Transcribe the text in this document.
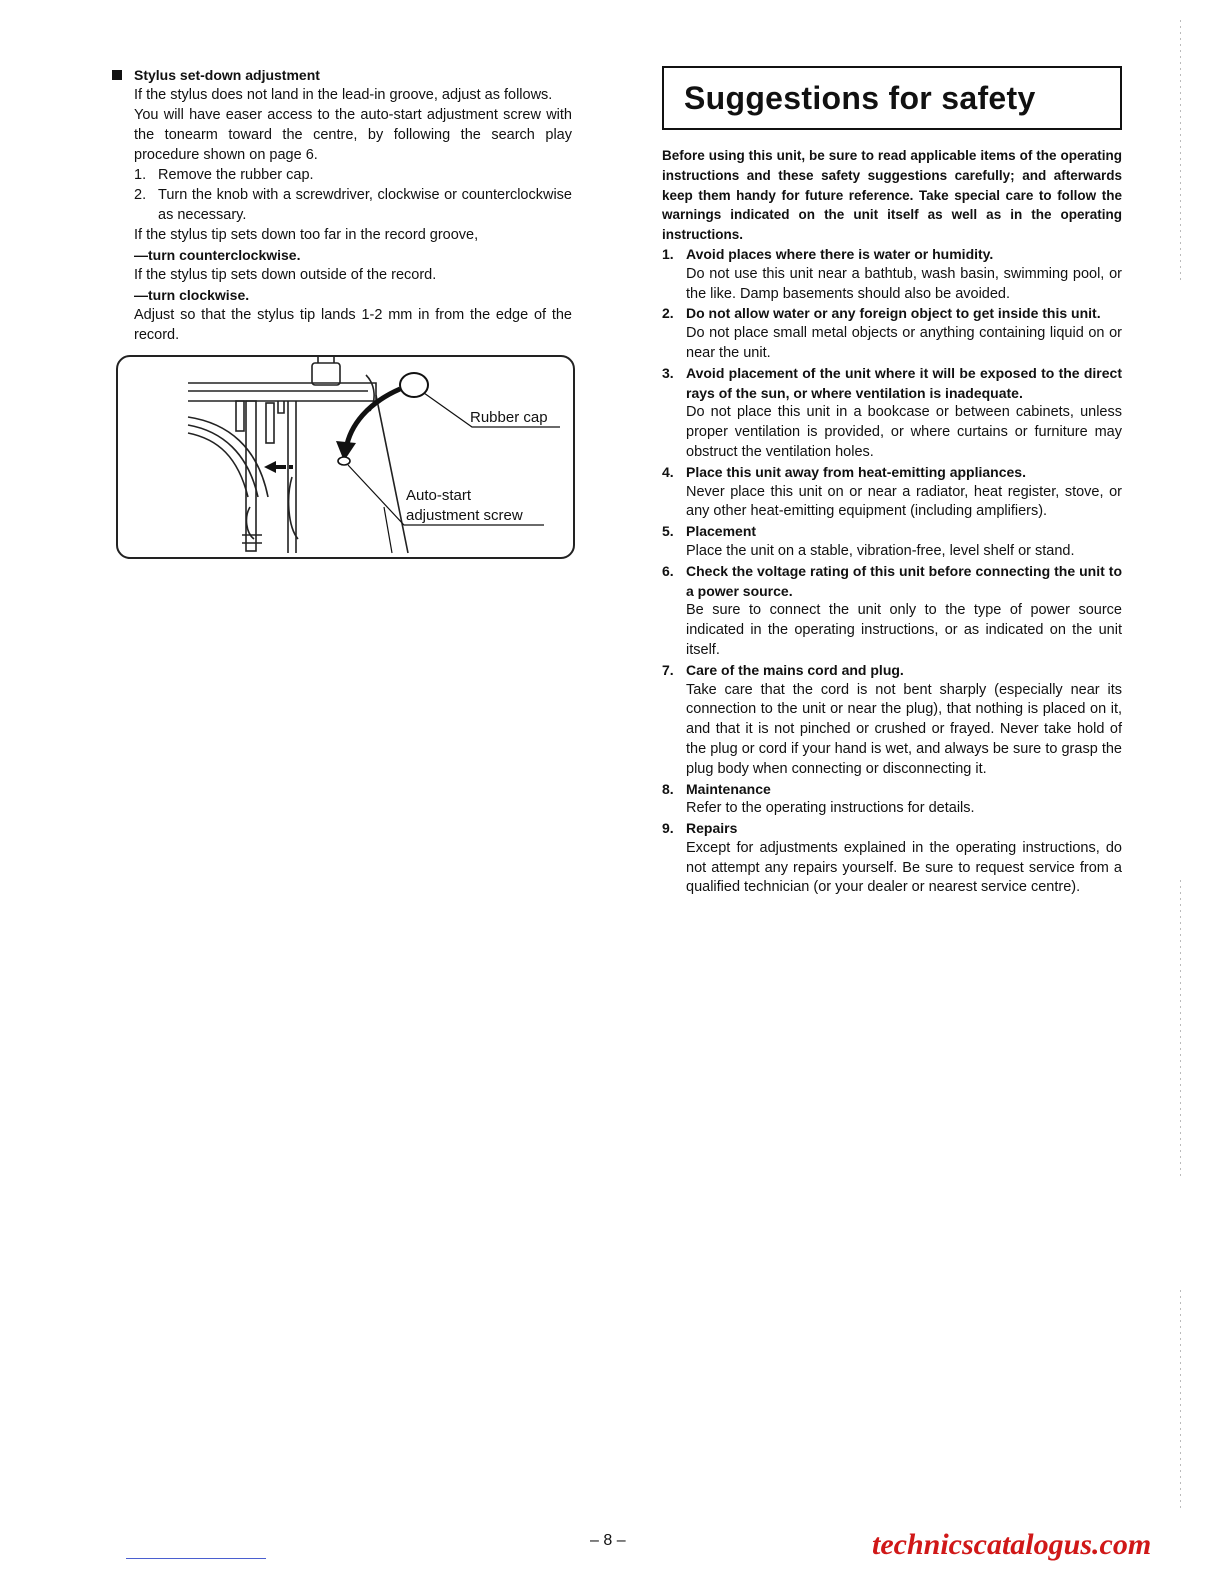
Stylus set-down adjustment

If the stylus does not land in the lead-in groove, adjust as follows.

You will have easer access to the auto-start adjustment screw with the tonearm toward the centre, by following the search play procedure shown on page 6.

1. Remove the rubber cap.
2. Turn the knob with a screwdriver, clockwise or counterclockwise as necessary.

If the stylus tip sets down too far in the record groove,

—turn counterclockwise.

If the stylus tip sets down outside of the record.

—turn clockwise.

Adjust so that the stylus tip lands 1-2 mm in from the edge of the record.

Rubber cap
Auto-start
adjustment screw
Suggestions for safety

Before using this unit, be sure to read applicable items of the operating instructions and these safety suggestions carefully; and afterwards keep them handy for future reference. Take special care to follow the warnings indicated on the unit itself as well as in the operating instructions.

1. Avoid places where there is water or humidity.
Do not use this unit near a bathtub, wash basin, swimming pool, or the like. Damp basements should also be avoided.
2. Do not allow water or any foreign object to get inside this unit.
Do not place small metal objects or anything containing liquid on or near the unit.
3. Avoid placement of the unit where it will be exposed to the direct rays of the sun, or where ventilation is inadequate.
Do not place this unit in a bookcase or between cabinets, unless proper ventilation is provided, or where curtains or furniture may obstruct the ventilation holes.
4. Place this unit away from heat-emitting appliances.
Never place this unit on or near a radiator, heat register, stove, or any other heat-emitting equipment (including amplifiers).
5. Placement
Place the unit on a stable, vibration-free, level shelf or stand.
6. Check the voltage rating of this unit before connecting the unit to a power source.
Be sure to connect the unit only to the type of power source indicated in the operating instructions, or as indicated on the unit itself.
7. Care of the mains cord and plug.
Take care that the cord is not bent sharply (especially near its connection to the unit or near the plug), that nothing is placed on it, and that it is not pinched or crushed or frayed. Never take hold of the plug or cord if your hand is wet, and always be sure to grasp the plug body when connecting or disconnecting it.
8. Maintenance
Refer to the operating instructions for details.
9. Repairs
Except for adjustments explained in the operating instructions, do not attempt any repairs yourself. Be sure to request service from a qualified technician (or your dealer or nearest service centre).
– 8 –	technicscatalogus.com
